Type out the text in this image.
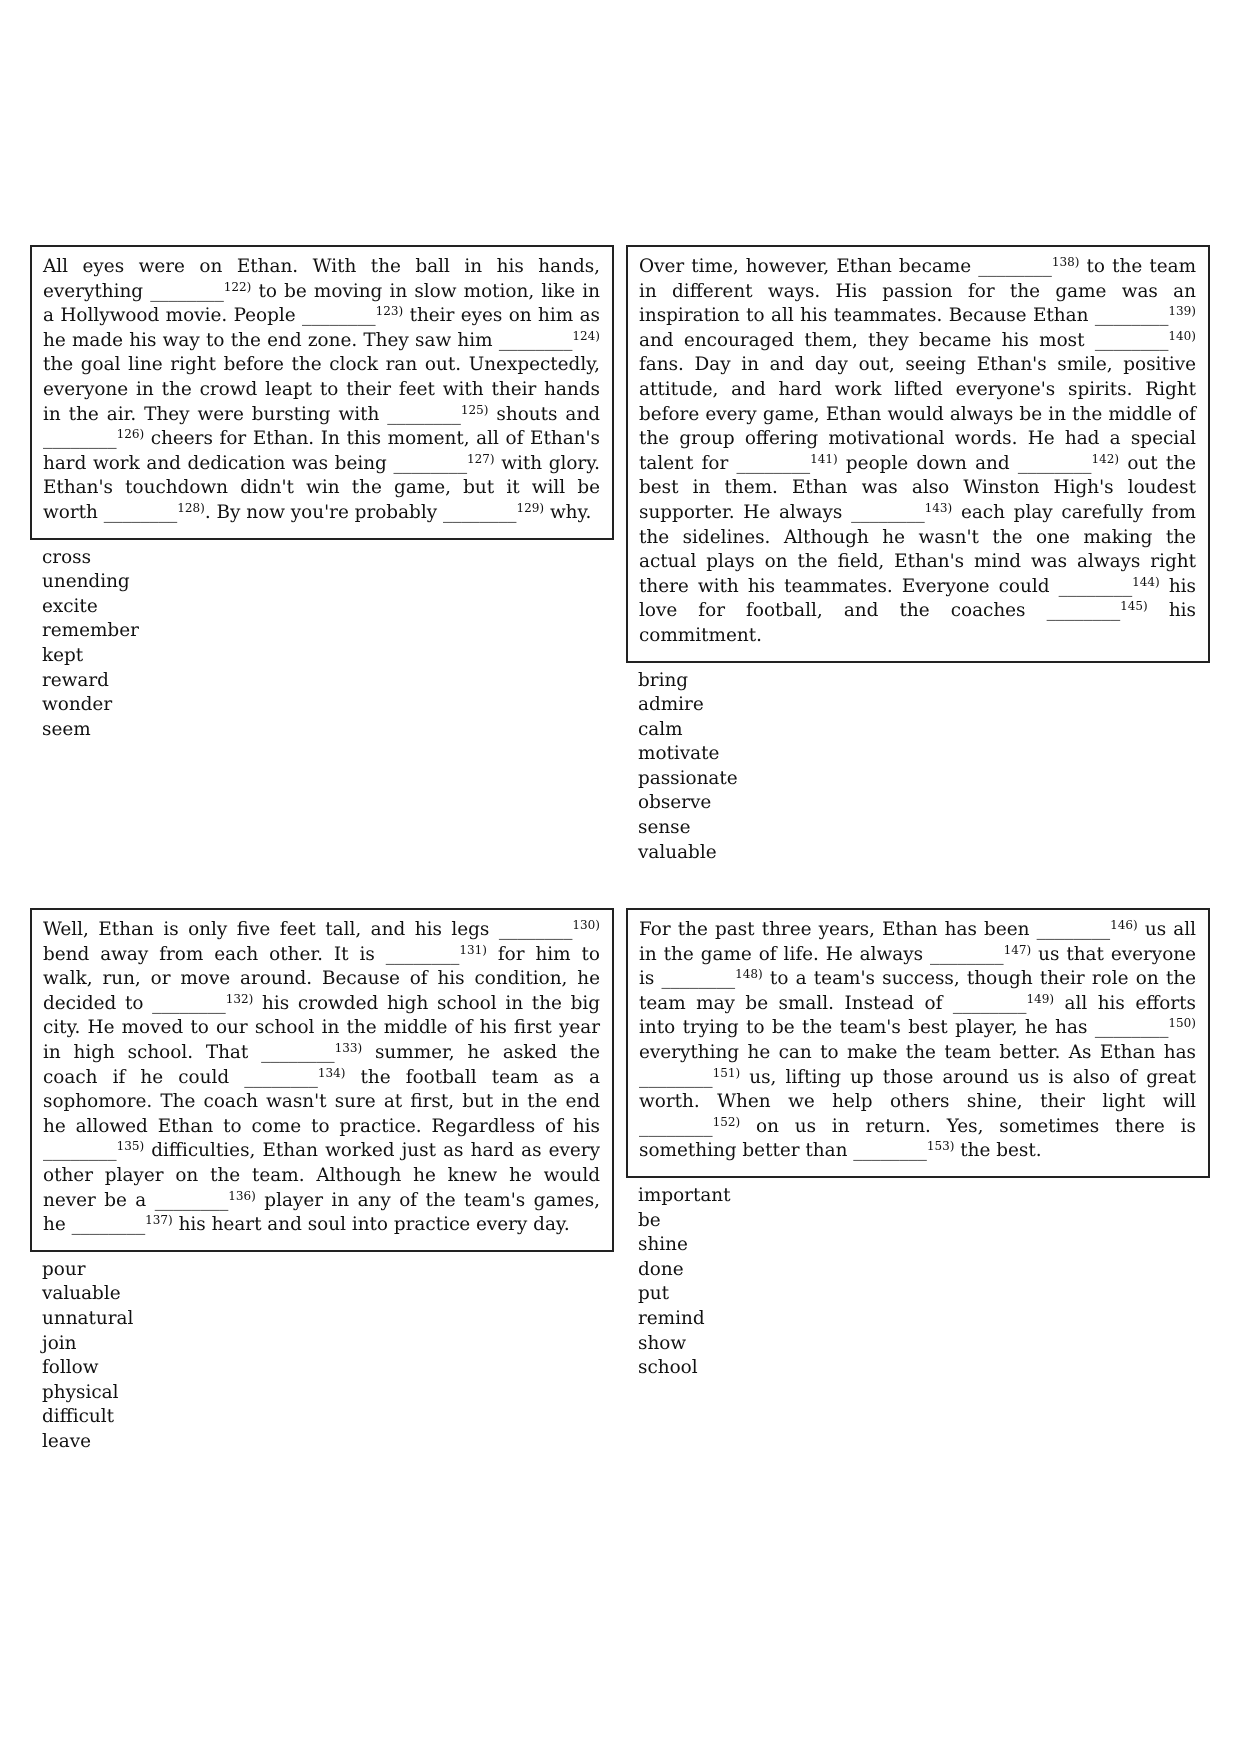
All eyes were on Ethan. With the ball in his hands, everything ________$^{122)}$ to be moving in slow motion, like in a Hollywood movie. People ________$^{123)}$ their eyes on him as he made his way to the end zone. They saw him ________$^{124)}$ the goal line right before the clock ran out. Unexpectedly, everyone in the crowd leapt to their feet with their hands in the air. They were bursting with ________$^{125)}$ shouts and ________$^{126)}$ cheers for Ethan. In this moment, all of Ethan's hard work and dedication was being ________$^{127)}$ with glory. Ethan's touchdown didn't win the game, but it will be worth ________$^{128)}$. By now you're probably ________$^{129)}$ why.
cross
unending
excite
remember
kept
reward
wonder
seem
Over time, however, Ethan became ________$^{138)}$ to the team in different ways. His passion for the game was an inspiration to all his teammates. Because Ethan ________$^{139)}$ and encouraged them, they became his most ________$^{140)}$ fans. Day in and day out, seeing Ethan's smile, positive attitude, and hard work lifted everyone's spirits. Right before every game, Ethan would always be in the middle of the group offering motivational words. He had a special talent for ________$^{141)}$ people down and ________$^{142)}$ out the best in them. Ethan was also Winston High's loudest supporter. He always ________$^{143)}$ each play carefully from the sidelines. Although he wasn't the one making the actual plays on the field, Ethan's mind was always right there with his teammates. Everyone could ________$^{144)}$ his love for football, and the coaches ________$^{145)}$ his commitment.
bring
admire
calm
motivate
passionate
observe
sense
valuable
Well, Ethan is only five feet tall, and his legs ________$^{130)}$ bend away from each other. It is ________$^{131)}$ for him to walk, run, or move around. Because of his condition, he decided to ________$^{132)}$ his crowded high school in the big city. He moved to our school in the middle of his first year in high school. That ________$^{133)}$ summer, he asked the coach if he could ________$^{134)}$ the football team as a sophomore. The coach wasn't sure at first, but in the end he allowed Ethan to come to practice. Regardless of his ________$^{135)}$ difficulties, Ethan worked just as hard as every other player on the team. Although he knew he would never be a ________$^{136)}$ player in any of the team's games, he ________$^{137)}$ his heart and soul into practice every day.
pour
valuable
unnatural
join
follow
physical
difficult
leave
For the past three years, Ethan has been ________$^{146)}$ us all in the game of life. He always ________$^{147)}$ us that everyone is ________$^{148)}$ to a team's success, though their role on the team may be small. Instead of ________$^{149)}$ all his efforts into trying to be the team's best player, he has ________$^{150)}$ everything he can to make the team better. As Ethan has ________$^{151)}$ us, lifting up those around us is also of great worth. When we help others shine, their light will ________$^{152)}$ on us in return. Yes, sometimes there is something better than ________$^{153)}$ the best.
important
be
shine
done
put
remind
show
school
